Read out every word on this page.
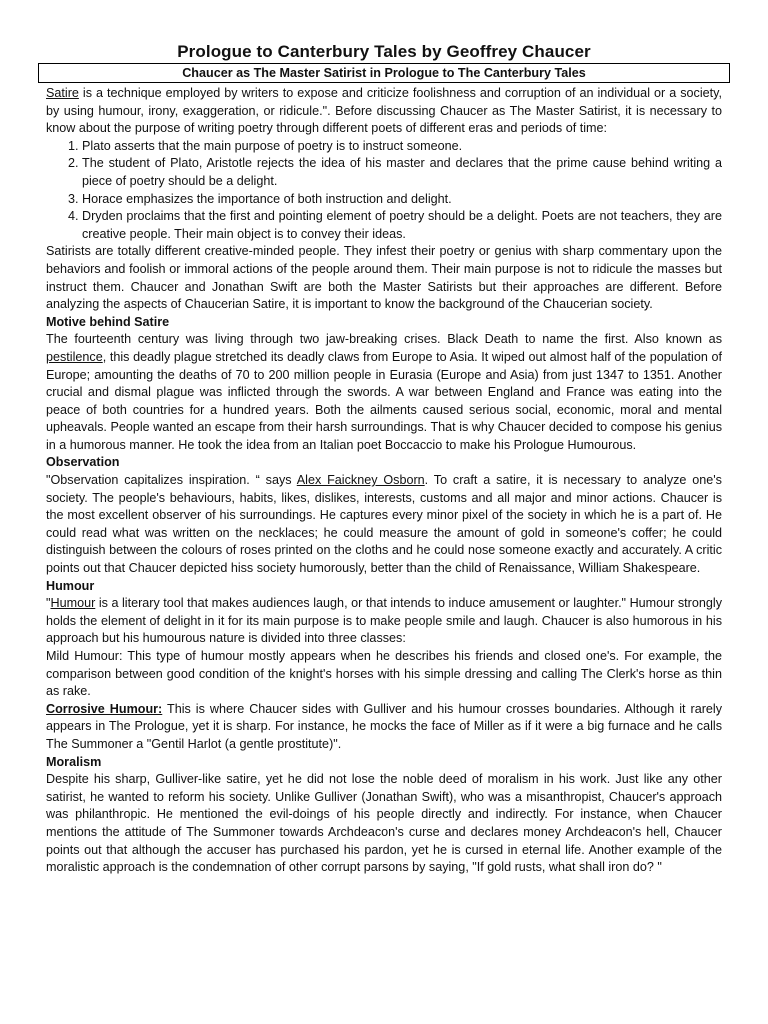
Prologue to Canterbury Tales by Geoffrey Chaucer
Chaucer as The Master Satirist in Prologue to The Canterbury Tales

Satire is a technique employed by writers to expose and criticize foolishness and corruption of an individual or a society, by using humour, irony, exaggeration, or ridicule.". Before discussing Chaucer as The Master Satirist, it is necessary to know about the purpose of writing poetry through different poets of different eras and periods of time:

1. Plato asserts that the main purpose of poetry is to instruct someone.
2. The student of Plato, Aristotle rejects the idea of his master and declares that the prime cause behind writing a piece of poetry should be a delight.
3. Horace emphasizes the importance of both instruction and delight.
4. Dryden proclaims that the first and pointing element of poetry should be a delight. Poets are not teachers, they are creative people. Their main object is to convey their ideas.

Satirists are totally different creative-minded people. They infest their poetry or genius with sharp commentary upon the behaviors and foolish or immoral actions of the people around them. Their main purpose is not to ridicule the masses but instruct them. Chaucer and Jonathan Swift are both the Master Satirists but their approaches are different. Before analyzing the aspects of Chaucerian Satire, it is important to know the background of the Chaucerian society.

Motive behind Satire

The fourteenth century was living through two jaw-breaking crises. Black Death to name the first. Also known as pestilence, this deadly plague stretched its deadly claws from Europe to Asia. It wiped out almost half of the population of Europe; amounting the deaths of 70 to 200 million people in Eurasia (Europe and Asia) from just 1347 to 1351. Another crucial and dismal plague was inflicted through the swords. A war between England and France was eating into the peace of both countries for a hundred years. Both the ailments caused serious social, economic, moral and mental upheavals. People wanted an escape from their harsh surroundings. That is why Chaucer decided to compose his genius in a humorous manner. He took the idea from an Italian poet Boccaccio to make his Prologue Humourous.

Observation

"Observation capitalizes inspiration. “ says Alex Faickney Osborn. To craft a satire, it is necessary to analyze one's society. The people's behaviours, habits, likes, dislikes, interests, customs and all major and minor actions. Chaucer is the most excellent observer of his surroundings. He captures every minor pixel of the society in which he is a part of. He could read what was written on the necklaces; he could measure the amount of gold in someone's coffer; he could distinguish between the colours of roses printed on the cloths and he could nose someone exactly and accurately. A critic points out that Chaucer depicted hiss society humorously, better than the child of Renaissance, William Shakespeare.

Humour

"Humour is a literary tool that makes audiences laugh, or that intends to induce amusement or laughter." Humour strongly holds the element of delight in it for its main purpose is to make people smile and laugh. Chaucer is also humorous in his approach but his humourous nature is divided into three classes:

Mild Humour: This type of humour mostly appears when he describes his friends and closed one's. For example, the comparison between good condition of the knight's horses with his simple dressing and calling The Clerk's horse as thin as rake.

Corrosive Humour: This is where Chaucer sides with Gulliver and his humour crosses boundaries. Although it rarely appears in The Prologue, yet it is sharp. For instance, he mocks the face of Miller as if it were a big furnace and he calls The Summoner a "Gentil Harlot (a gentle prostitute)".

Moralism

Despite his sharp, Gulliver-like satire, yet he did not lose the noble deed of moralism in his work. Just like any other satirist, he wanted to reform his society. Unlike Gulliver (Jonathan Swift), who was a misanthropist, Chaucer's approach was philanthropic. He mentioned the evil-doings of his people directly and indirectly. For instance, when Chaucer mentions the attitude of The Summoner towards Archdeacon's curse and declares money Archdeacon's hell, Chaucer points out that although the accuser has purchased his pardon, yet he is cursed in eternal life. Another example of the moralistic approach is the condemnation of other corrupt parsons by saying, "If gold rusts, what shall iron do? "
